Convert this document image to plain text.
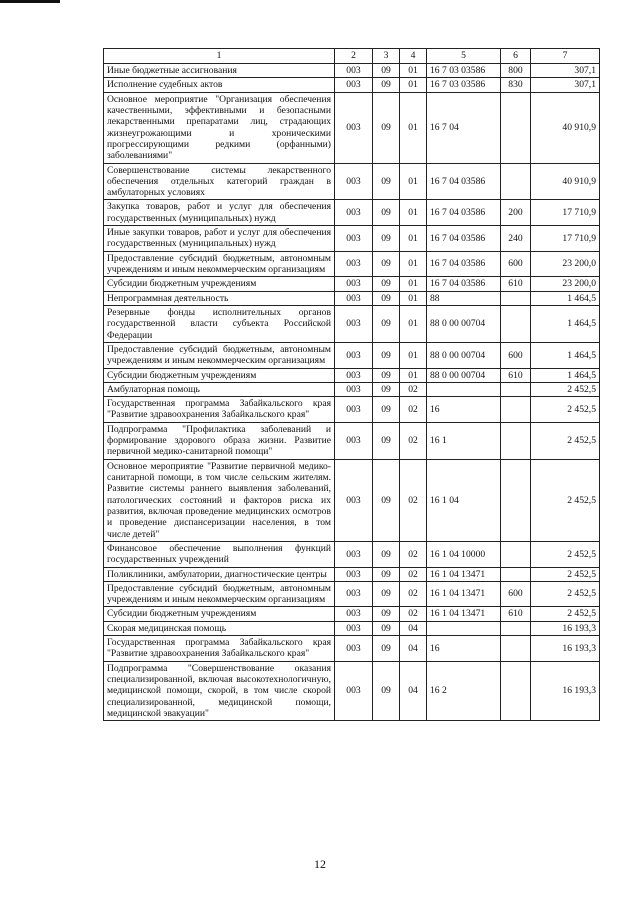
1	2	3	4	5	6	7
Иные бюджетные ассигнования	003	09	01	16 7 03 03586	800	307,1
Исполнение судебных актов	003	09	01	16 7 03 03586	830	307,1
Основное мероприятие "Организация обеспечения качественными, эффективными и безопасными лекарственными препаратами лиц, страдающих жизнеугрожающими и хроническими прогрессирующими редкими (орфанными) заболеваниями"	003	09	01	16 7 04		40 910,9
Совершенствование системы лекарственного обеспечения отдельных категорий граждан в амбулаторных условиях	003	09	01	16 7 04 03586		40 910,9
Закупка товаров, работ и услуг для обеспечения государственных (муниципальных) нужд	003	09	01	16 7 04 03586	200	17 710,9
Иные закупки товаров, работ и услуг для обеспечения государственных (муниципальных) нужд	003	09	01	16 7 04 03586	240	17 710,9
Предоставление субсидий бюджетным, автономным учреждениям и иным некоммерческим организациям	003	09	01	16 7 04 03586	600	23 200,0
Субсидии бюджетным учреждениям	003	09	01	16 7 04 03586	610	23 200,0
Непрограммная деятельность	003	09	01	88		1 464,5
Резервные фонды исполнительных органов государственной власти субъекта Российской Федерации	003	09	01	88 0 00 00704		1 464,5
Предоставление субсидий бюджетным, автономным учреждениям и иным некоммерческим организациям	003	09	01	88 0 00 00704	600	1 464,5
Субсидии бюджетным учреждениям	003	09	01	88 0 00 00704	610	1 464,5
Амбулаторная помощь	003	09	02			2 452,5
Государственная программа Забайкальского края "Развитие здравоохранения Забайкальского края"	003	09	02	16		2 452,5
Подпрограмма "Профилактика заболеваний и формирование здорового образа жизни. Развитие первичной медико-санитарной помощи"	003	09	02	16 1		2 452,5
Основное мероприятие "Развитие первичной медико-санитарной помощи, в том числе сельским жителям. Развитие системы раннего выявления заболеваний, патологических состояний и факторов риска их развития, включая проведение медицинских осмотров и проведение диспансеризации населения, в том числе детей"	003	09	02	16 1 04		2 452,5
Финансовое обеспечение выполнения функций государственных учреждений	003	09	02	16 1 04 10000		2 452,5
Поликлиники, амбулатории, диагностические центры	003	09	02	16 1 04 13471		2 452,5
Предоставление субсидий бюджетным, автономным учреждениям и иным некоммерческим организациям	003	09	02	16 1 04 13471	600	2 452,5
Субсидии бюджетным учреждениям	003	09	02	16 1 04 13471	610	2 452,5
Скорая медицинская помощь	003	09	04			16 193,3
Государственная программа Забайкальского края "Развитие здравоохранения Забайкальского края"	003	09	04	16		16 193,3
Подпрограмма "Совершенствование оказания специализированной, включая высокотехнологичную, медицинской помощи, скорой, в том числе скорой специализированной, медицинской помощи, медицинской эвакуации"	003	09	04	16 2		16 193,3
12
